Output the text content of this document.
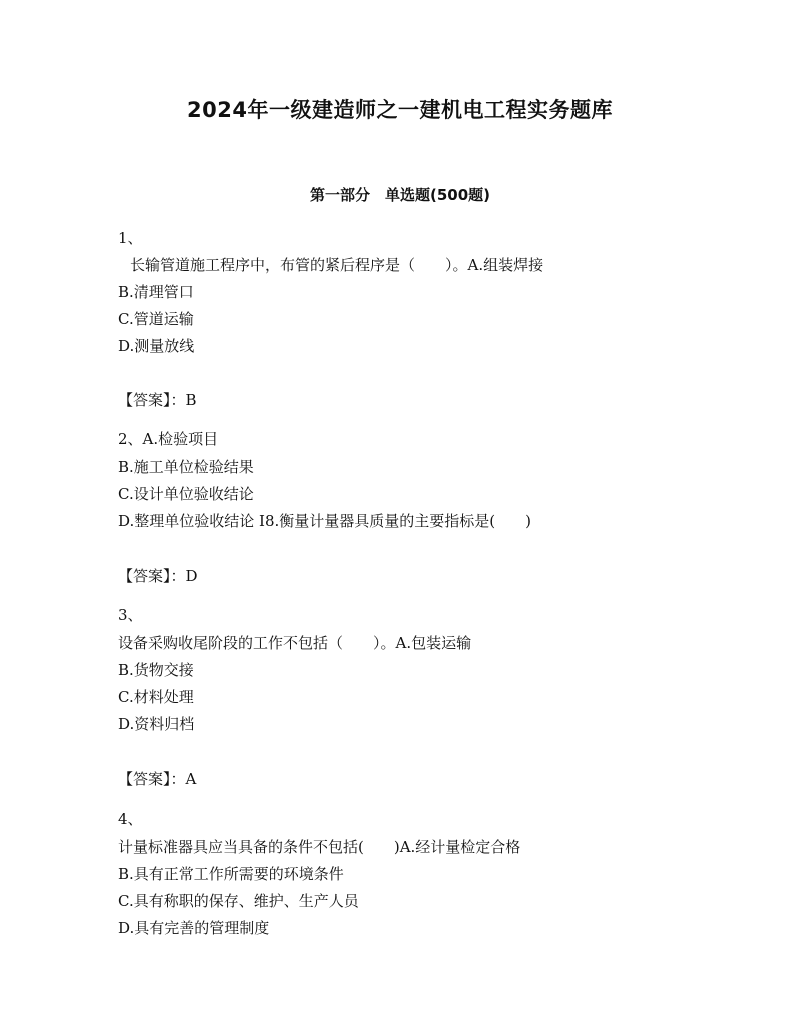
2024年一级建造师之一建机电工程实务题库
第一部分　单选题(500题)
1、
长输管道施工程序中，布管的紧后程序是（　　）。A.组装焊接
B.清理管口
C.管道运输
D.测量放线
【答案】：B
2、A.检验项目
B.施工单位检验结果
C.设计单位验收结论
D.整理单位验收结论 I8.衡量计量器具质量的主要指标是(　　)
【答案】：D
3、
设备采购收尾阶段的工作不包括（　　）。A.包装运输
B.货物交接
C.材料处理
D.资料归档
【答案】：A
4、
计量标准器具应当具备的条件不包括(　　)A.经计量检定合格
B.具有正常工作所需要的环境条件
C.具有称职的保存、维护、生产人员
D.具有完善的管理制度
